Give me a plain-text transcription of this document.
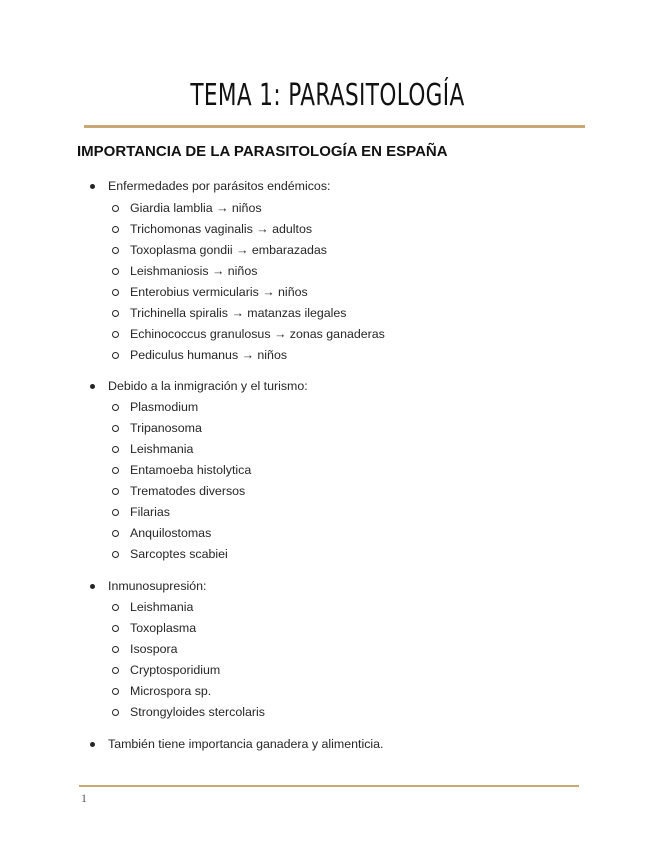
TEMA 1: PARASITOLOGÍA
IMPORTANCIA DE LA PARASITOLOGÍA EN ESPAÑA
Enfermedades por parásitos endémicos:
Giardia lamblia → niños
Trichomonas vaginalis → adultos
Toxoplasma gondii → embarazadas
Leishmaniosis → niños
Enterobius vermicularis → niños
Trichinella spiralis → matanzas ilegales
Echinococcus granulosus → zonas ganaderas
Pediculus humanus → niños
Debido a la inmigración y el turismo:
Plasmodium
Tripanosoma
Leishmania
Entamoeba histolytica
Trematodes diversos
Filarias
Anquilostomas
Sarcoptes scabiei
Inmunosupresión:
Leishmania
Toxoplasma
Isospora
Cryptosporidium
Microspora sp.
Strongyloides stercolaris
También tiene importancia ganadera y alimenticia.
1
